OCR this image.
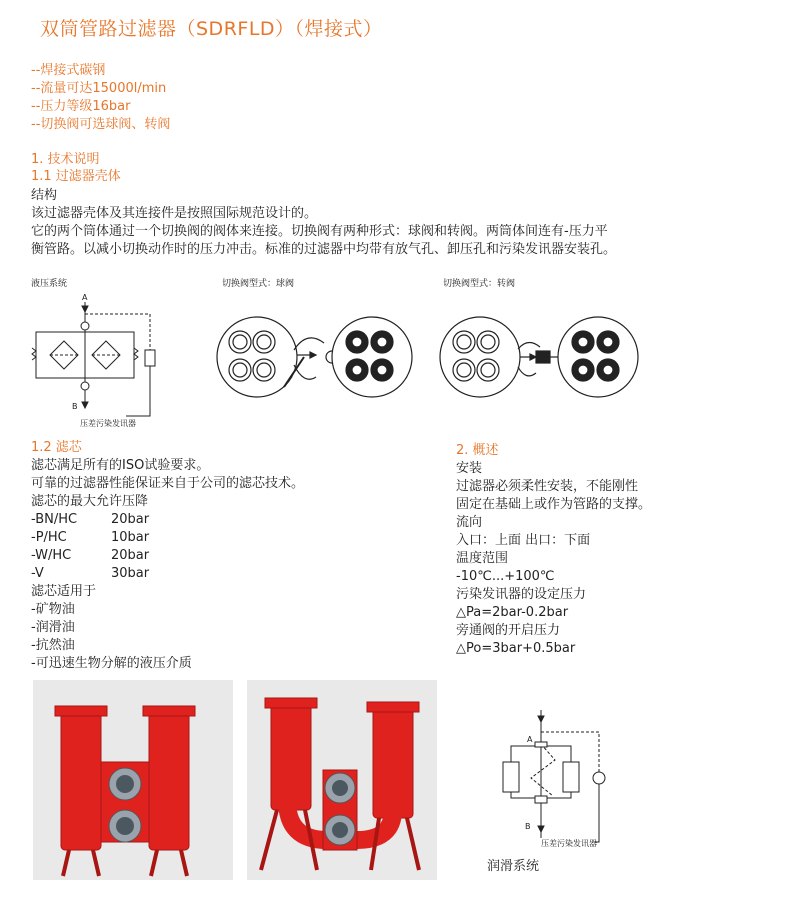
双筒管路过滤器（SDRFLD）（焊接式）
--焊接式碳钢
--流量可达15000l/min
--压力等级16bar
--切换阀可选球阀、转阀
1. 技术说明
1.1 过滤器壳体
结构
该过滤器壳体及其连接件是按照国际规范设计的。
它的两个筒体通过一个切换阀的阀体来连接。切换阀有两种形式：球阀和转阀。两筒体间连有-压力平
衡管路。以减小切换动作时的压力冲击。标准的过滤器中均带有放气孔、卸压孔和污染发讯器安装孔。
液压系统	切换阀型式：球阀	切换阀型式：转阀
A
B
压差污染发讯器
1.2 滤芯
滤芯满足所有的ISO试验要求。
可靠的过滤器性能保证来自于公司的滤芯技术。
滤芯的最大允许压降
-BN/HC	20bar
-P/HC	10bar
-W/HC	20bar
-V	30bar
滤芯适用于
-矿物油
-润滑油
-抗然油
-可迅速生物分解的液压介质
2. 概述
安装
过滤器必须柔性安装，不能刚性
固定在基础上或作为管路的支撑。
流向
入口：上面 出口：下面
温度范围
-10℃...+100℃
污染发讯器的设定压力
△Pa=2bar-0.2bar
旁通阀的开启压力
△Po=3bar+0.5bar
A
B
压差污染发讯器
润滑系统
